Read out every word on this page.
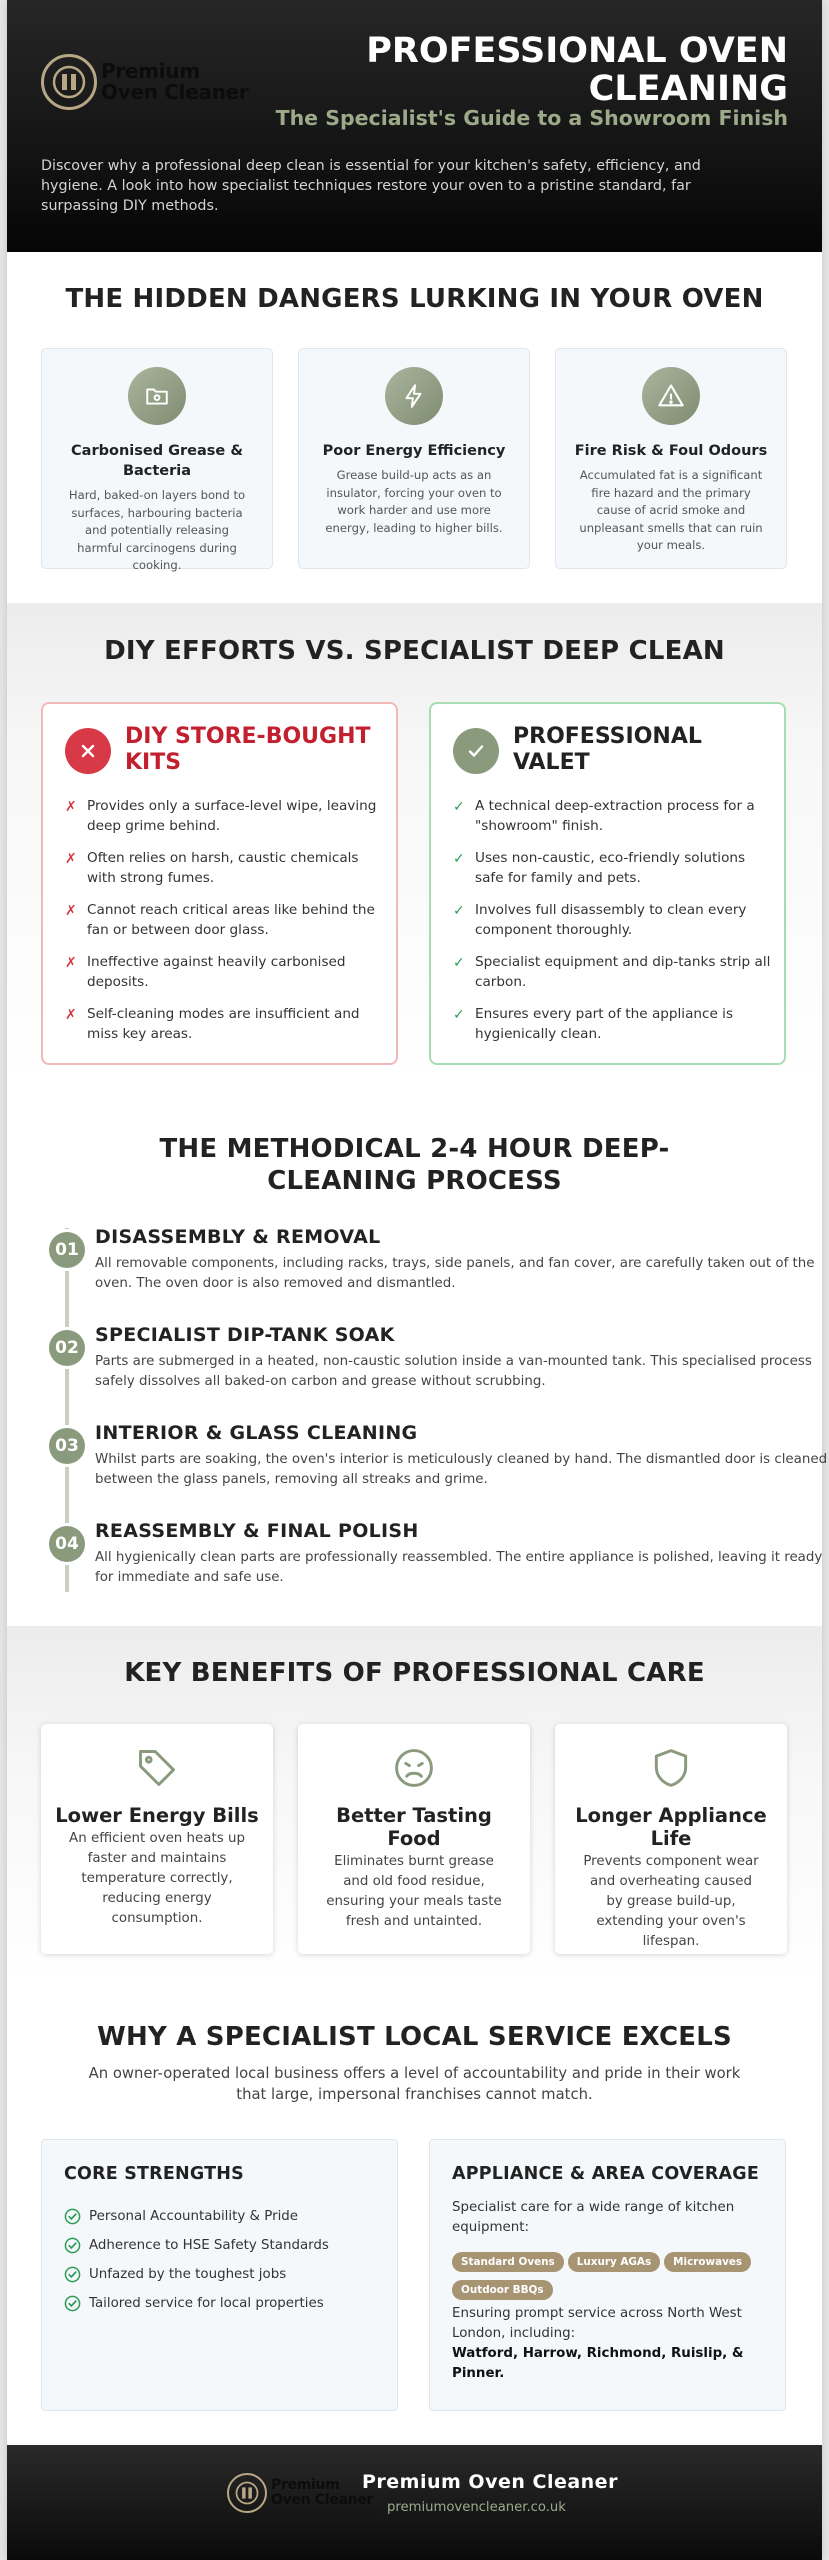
Premium
Oven Cleaner
PROFESSIONAL OVEN CLEANING
The Specialist's Guide to a Showroom Finish

Discover why a professional deep clean is essential for your kitchen's safety, efficiency, and hygiene. A look into how specialist techniques restore your oven to a pristine standard, far surpassing DIY methods.

THE HIDDEN DANGERS LURKING IN YOUR OVEN
Carbonised Grease & Bacteria

Hard, baked-on layers bond to surfaces, harbouring bacteria and potentially releasing harmful carcinogens during cooking.

Poor Energy Efficiency

Grease build-up acts as an insulator, forcing your oven to work harder and use more energy, leading to higher bills.

Fire Risk & Foul Odours

Accumulated fat is a significant fire hazard and the primary cause of acrid smoke and unpleasant smells that can ruin your meals.

DIY EFFORTS VS. SPECIALIST DEEP CLEAN
DIY STORE-BOUGHT KITS
✗ Provides only a surface-level wipe, leaving deep grime behind.
✗ Often relies on harsh, caustic chemicals with strong fumes.
✗ Cannot reach critical areas like behind the fan or between door glass.
✗ Ineffective against heavily carbonised deposits.
✗ Self-cleaning modes are insufficient and miss key areas.
PROFESSIONAL VALET
✓ A technical deep-extraction process for a "showroom" finish.
✓ Uses non-caustic, eco-friendly solutions safe for family and pets.
✓ Involves full disassembly to clean every component thoroughly.
✓ Specialist equipment and dip-tanks strip all carbon.
✓ Ensures every part of the appliance is hygienically clean.
THE METHODICAL 2-4 HOUR DEEP-CLEANING PROCESS
01
DISASSEMBLY & REMOVAL

All removable components, including racks, trays, side panels, and fan cover, are carefully taken out of the oven. The oven door is also removed and dismantled.

02
SPECIALIST DIP-TANK SOAK

Parts are submerged in a heated, non-caustic solution inside a van-mounted tank. This specialised process safely dissolves all baked-on carbon and grease without scrubbing.

03
INTERIOR & GLASS CLEANING

Whilst parts are soaking, the oven's interior is meticulously cleaned by hand. The dismantled door is cleaned between the glass panels, removing all streaks and grime.

04
REASSEMBLY & FINAL POLISH

All hygienically clean parts are professionally reassembled. The entire appliance is polished, leaving it ready for immediate and safe use.

KEY BENEFITS OF PROFESSIONAL CARE
Lower Energy Bills

An efficient oven heats up faster and maintains temperature correctly, reducing energy consumption.

Better Tasting Food

Eliminates burnt grease and old food residue, ensuring your meals taste fresh and untainted.

Longer Appliance Life

Prevents component wear and overheating caused by grease build-up, extending your oven's lifespan.

WHY A SPECIALIST LOCAL SERVICE EXCELS

An owner-operated local business offers a level of accountability and pride in their work that large, impersonal franchises cannot match.

CORE STRENGTHS
Personal Accountability & Pride
Adherence to HSE Safety Standards
Unfazed by the toughest jobs
Tailored service for local properties
APPLIANCE & AREA COVERAGE

Specialist care for a wide range of kitchen equipment:

Standard Ovens Luxury AGAs MicrowavesOutdoor BBQs

Ensuring prompt service across North West London, including:
Watford, Harrow, Richmond, Ruislip, & Pinner.

Premium
Oven Cleaner
Premium Oven Cleaner
premiumovencleaner.co.uk
